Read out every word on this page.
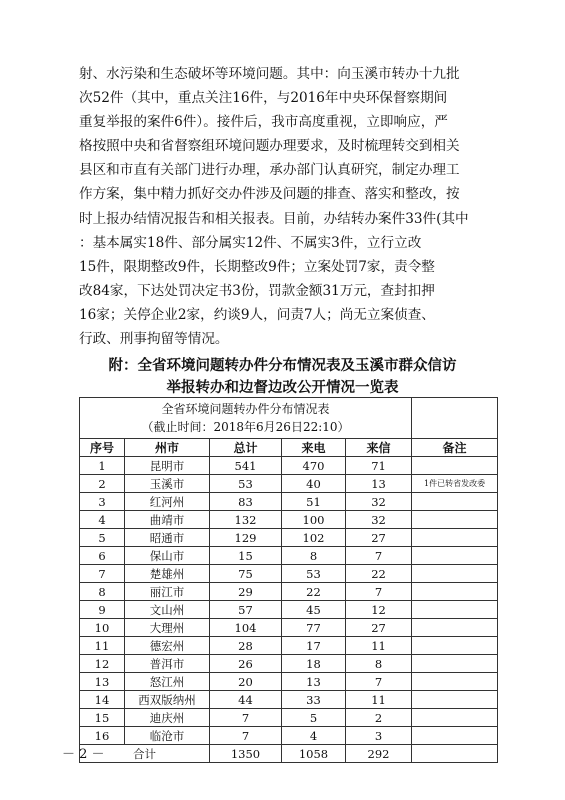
射、水污染和生态破坏等环境问题。其中：向玉溪市转办十九批

次52件（其中，重点关注16件，与2016年中央环保督察期间

重复举报的案件6件）。接件后，我市高度重视，立即响应，严

格按照中央和省督察组环境问题办理要求，及时梳理转交到相关

县区和市直有关部门进行办理，承办部门认真研究，制定办理工

作方案，集中精力抓好交办件涉及问题的排查、落实和整改，按

时上报办结情况报告和相关报表。目前，办结转办案件33件(其中

：基本属实18件、部分属实12件、不属实3件，立行立改

15件，限期整改9件，长期整改9件；立案处罚7家，责令整

改84家，下达处罚决定书3份，罚款金额31万元，查封扣押

16家；关停企业2家，约谈9人，问责7人；尚无立案侦查、

行政、刑事拘留等情况。

附：全省环境问题转办件分布情况表及玉溪市群众信访
举报转办和边督边改公开情况一览表
全省环境问题转办件分布情况表
（截止时间：2018年6月26日22:10）					

序号	州市	总计	来电	来信	备注
1	昆明市	541	470	71	
2	玉溪市	53	40	13	1件已转省发改委
3	红河州	83	51	32	
4	曲靖市	132	100	32	
5	昭通市	129	102	27	
6	保山市	15	8	7	
7	楚雄州	75	53	22	
8	丽江市	29	22	7	
9	文山州	57	45	12	
10	大理州	104	77	27	
11	德宏州	28	17	11	
12	普洱市	26	18	8	
13	怒江州	20	13	7	
14	西双版纳州	44	33	11	
15	迪庆州	7	5	2	
16	临沧市	7	4	3	
合计		1350	1058	292	
－ 2 －
